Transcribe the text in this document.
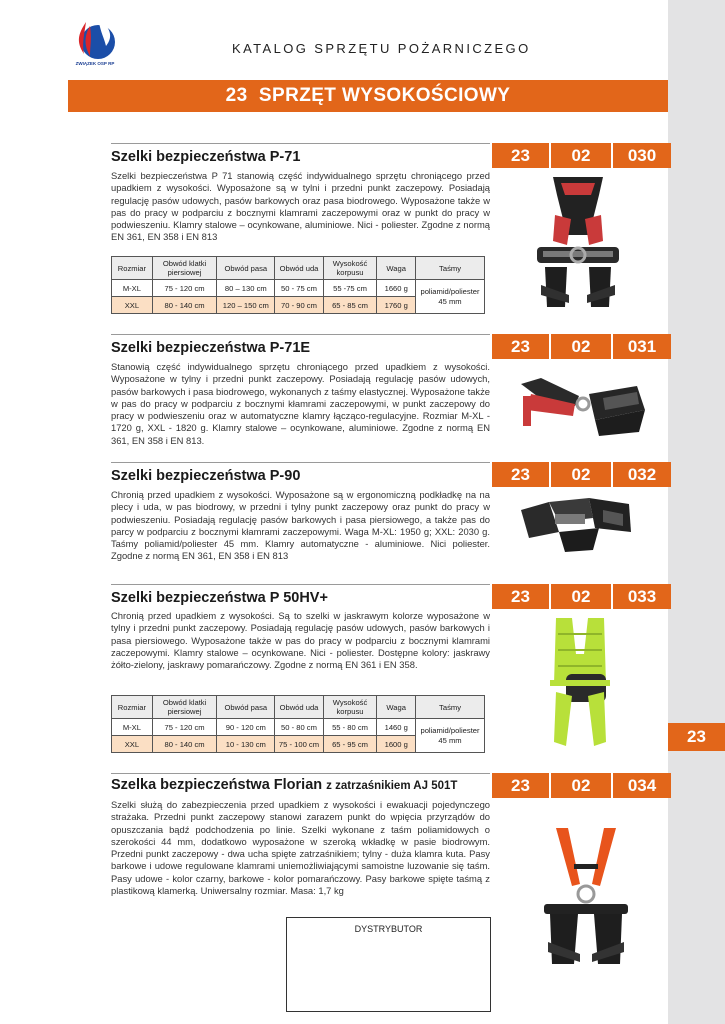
ZWIĄZEK OSP RP
KATALOG SPRZĘTU POŻARNICZEGO
23
SPRZĘT WYSOKOŚCIOWY
Szelki bezpieczeństwa P-71	23	02	030
Szelki bezpieczeństwa P 71 stanowią część indywidualnego sprzętu chroniącego przed upadkiem z wysokości. Wyposażone są w tylni i przedni punkt zaczepowy. Posiadają regulację pasów udowych, pasów barkowych oraz pasa biodrowego. Wyposażone także w pas do pracy w podparciu z bocznymi klamrami zaczepowymi oraz w punkt do pracy w podwieszeniu. Klamry stalowe – ocynkowane, aluminiowe. Nici - poliester. Zgodne z normą EN 361, EN 358 i EN 813
Rozmiar	Obwód klatki piersiowej	Obwód pasa	Obwód uda	Wysokość korpusu	Waga	Taśmy
M-XL	75 - 120 cm	80 – 130 cm	50 - 75 cm	55 -75 cm	1660 g	poliamid/poliester 45 mm
XXL	80 - 140 cm	120 – 150 cm	70 - 90 cm	65 - 85 cm	1760 g	
Szelki bezpieczeństwa P-71E	23	02	031
Stanowią część indywidualnego sprzętu chroniącego przed upadkiem z wysokości. Wyposażone w tylny i przedni punkt zaczepowy. Posiadają regulację pasów udowych, pasów barkowych i pasa biodrowego, wykonanych z taśmy elastycznej. Wyposażone także w pas do pracy w podparciu z bocznymi kłamrami zaczepowymi, w punkt zaczepowy do pracy w podwieszeniu oraz w automatyczne klamry łącząco-regulacyjne. Rozmiar M-XL - 1720 g, XXL - 1820 g. Klamry stalowe – ocynkowane, aluminiowe. Zgodne z normą EN 361, EN 358 i EN 813.
Szelki bezpieczeństwa P-90	23	02	032
Chronią przed upadkiem z wysokości. Wyposażone są w ergonomiczną podkładkę na na plecy i uda, w pas biodrowy, w przedni i tylny punkt zaczepowy oraz punkt do pracy w podwieszeniu. Posiadają regulację pasów barkowych i pasa piersiowego, a także pas do parcy w podparciu z bocznymi kłamrami zaczepowymi. Waga M-XL: 1950 g; XXL: 2030 g. Taśmy poliamid/poliester 45 mm. Klamry automatyczne - aluminiowe. Nici poliester. Zgodne z normą EN 361, EN 358 i EN 813
Szelki bezpieczeństwa P 50HV+	23	02	033
Chronią przed upadkiem z wysokości. Są to szelki w jaskrawym kolorze wyposażone w tylny i przedni punkt zaczepowy. Posiadają regulację pasów udowych, pasów barkowych i pasa piersiowego. Wyposażone także w pas do pracy w podparciu z bocznymi klamrami zaczepowymi. Klamry stalowe – ocynkowane. Nici - poliester. Dostępne kolory: jaskrawy żółto-zielony, jaskrawy pomarańczowy. Zgodne z normą EN 361 i EN 358.
Rozmiar	Obwód klatki piersiowej	Obwód pasa	Obwód uda	Wysokość korpusu	Waga	Taśmy
M-XL	75 - 120 cm	90 - 120 cm	50 - 80 cm	55 - 80 cm	1460 g	poliamid/poliester 45 mm
XXL	80 - 140 cm	10 - 130 cm	75 - 100 cm	65 - 95 cm	1600 g		23
Szelka bezpieczeństwa Florian z zatrzaśnikiem AJ 501T	23	02	034
Szelki służą do zabezpieczenia przed upadkiem z wysokości i ewakuacji pojedynczego strażaka. Przedni punkt zaczepowy stanowi zarazem punkt do wpięcia przyrządów do opuszczania bądź podchodzenia po linie. Szelki wykonane z taśm poliamidowych o szerokości 44 mm, dodatkowo wyposażone w szeroką wkładkę w pasie biodrowym. Przedni punkt zaczepowy - dwa ucha spięte zatrzaśnikiem; tylny - duża klamra kuta. Pasy barkowe i udowe regulowane klamrami uniemożliwiającymi samoistne luzowanie się taśm. Pasy udowe - kolor czarny, barkowe - kolor pomarańczowy. Pasy barkowe spięte taśmą z plastikową klamerką. Uniwersalny rozmiar. Masa: 1,7 kg
DYSTRYBUTOR
